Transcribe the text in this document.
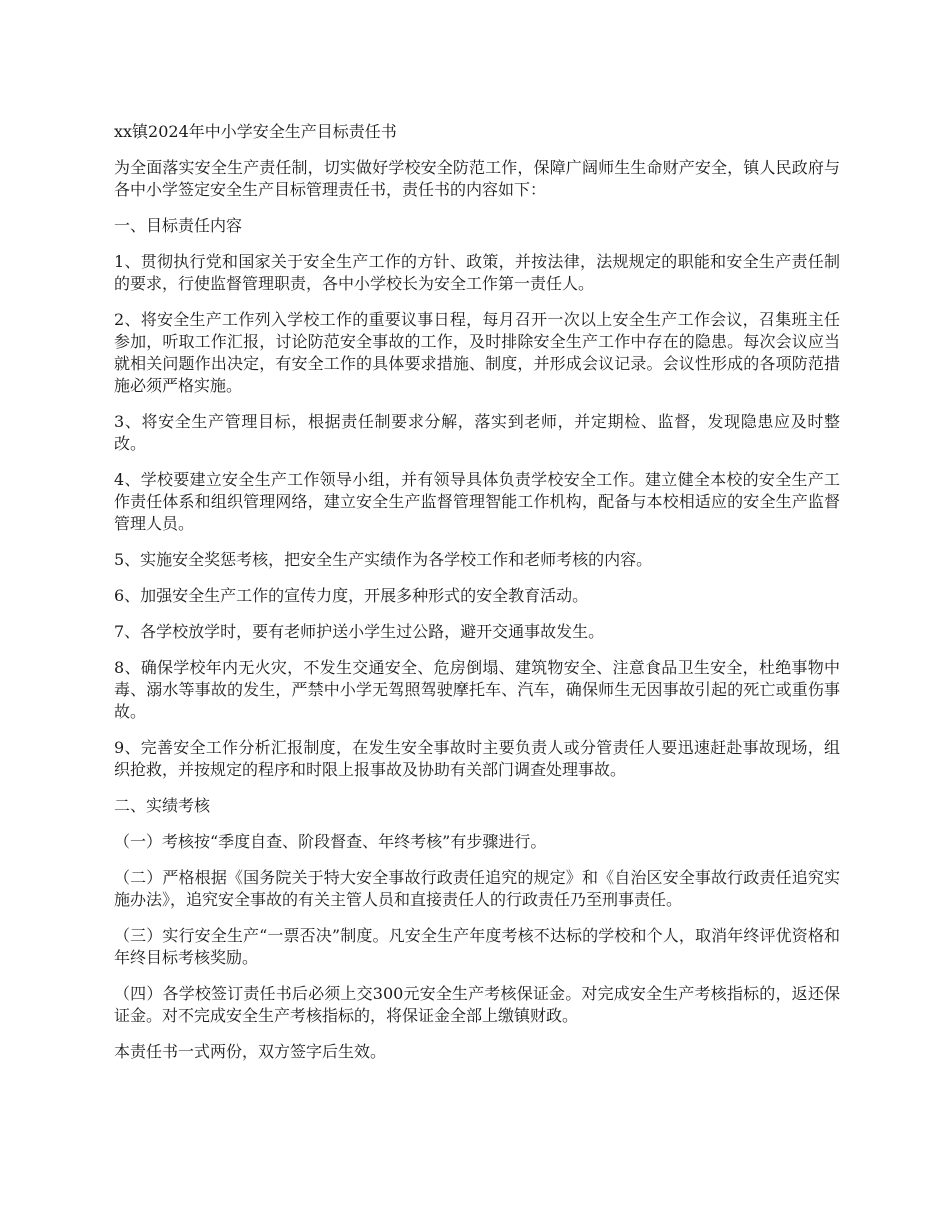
xx镇2024年中小学安全生产目标责任书

为全面落实安全生产责任制，切实做好学校安全防范工作，保障广阔师生生命财产安全，镇人民政府与各中小学签定安全生产目标管理责任书，责任书的内容如下：

一、目标责任内容

1、贯彻执行党和国家关于安全生产工作的方针、政策，并按法律，法规规定的职能和安全生产责任制的要求，行使监督管理职责，各中小学校长为安全工作第一责任人。

2、将安全生产工作列入学校工作的重要议事日程，每月召开一次以上安全生产工作会议，召集班主任参加，听取工作汇报，讨论防范安全事故的工作，及时排除安全生产工作中存在的隐患。每次会议应当就相关问题作出决定，有安全工作的具体要求措施、制度，并形成会议记录。会议性形成的各项防范措施必须严格实施。

3、将安全生产管理目标，根据责任制要求分解，落实到老师，并定期检、监督，发现隐患应及时整改。

4、学校要建立安全生产工作领导小组，并有领导具体负责学校安全工作。建立健全本校的安全生产工作责任体系和组织管理网络，建立安全生产监督管理智能工作机构，配备与本校相适应的安全生产监督管理人员。

5、实施安全奖惩考核，把安全生产实绩作为各学校工作和老师考核的内容。

6、加强安全生产工作的宣传力度，开展多种形式的安全教育活动。

7、各学校放学时，要有老师护送小学生过公路，避开交通事故发生。

8、确保学校年内无火灾，不发生交通安全、危房倒塌、建筑物安全、注意食品卫生安全，杜绝事物中毒、溺水等事故的发生，严禁中小学无驾照驾驶摩托车、汽车，确保师生无因事故引起的死亡或重伤事故。

9、完善安全工作分析汇报制度，在发生安全事故时主要负责人或分管责任人要迅速赶赴事故现场，组织抢救，并按规定的程序和时限上报事故及协助有关部门调查处理事故。

二、实绩考核

（一）考核按“季度自查、阶段督查、年终考核”有步骤进行。

（二）严格根据《国务院关于特大安全事故行政责任追究的规定》和《自治区安全事故行政责任追究实施办法》，追究安全事故的有关主管人员和直接责任人的行政责任乃至刑事责任。

（三）实行安全生产“一票否决”制度。凡安全生产年度考核不达标的学校和个人，取消年终评优资格和年终目标考核奖励。

（四）各学校签订责任书后必须上交300元安全生产考核保证金。对完成安全生产考核指标的，返还保证金。对不完成安全生产考核指标的，将保证金全部上缴镇财政。

本责任书一式两份，双方签字后生效。
